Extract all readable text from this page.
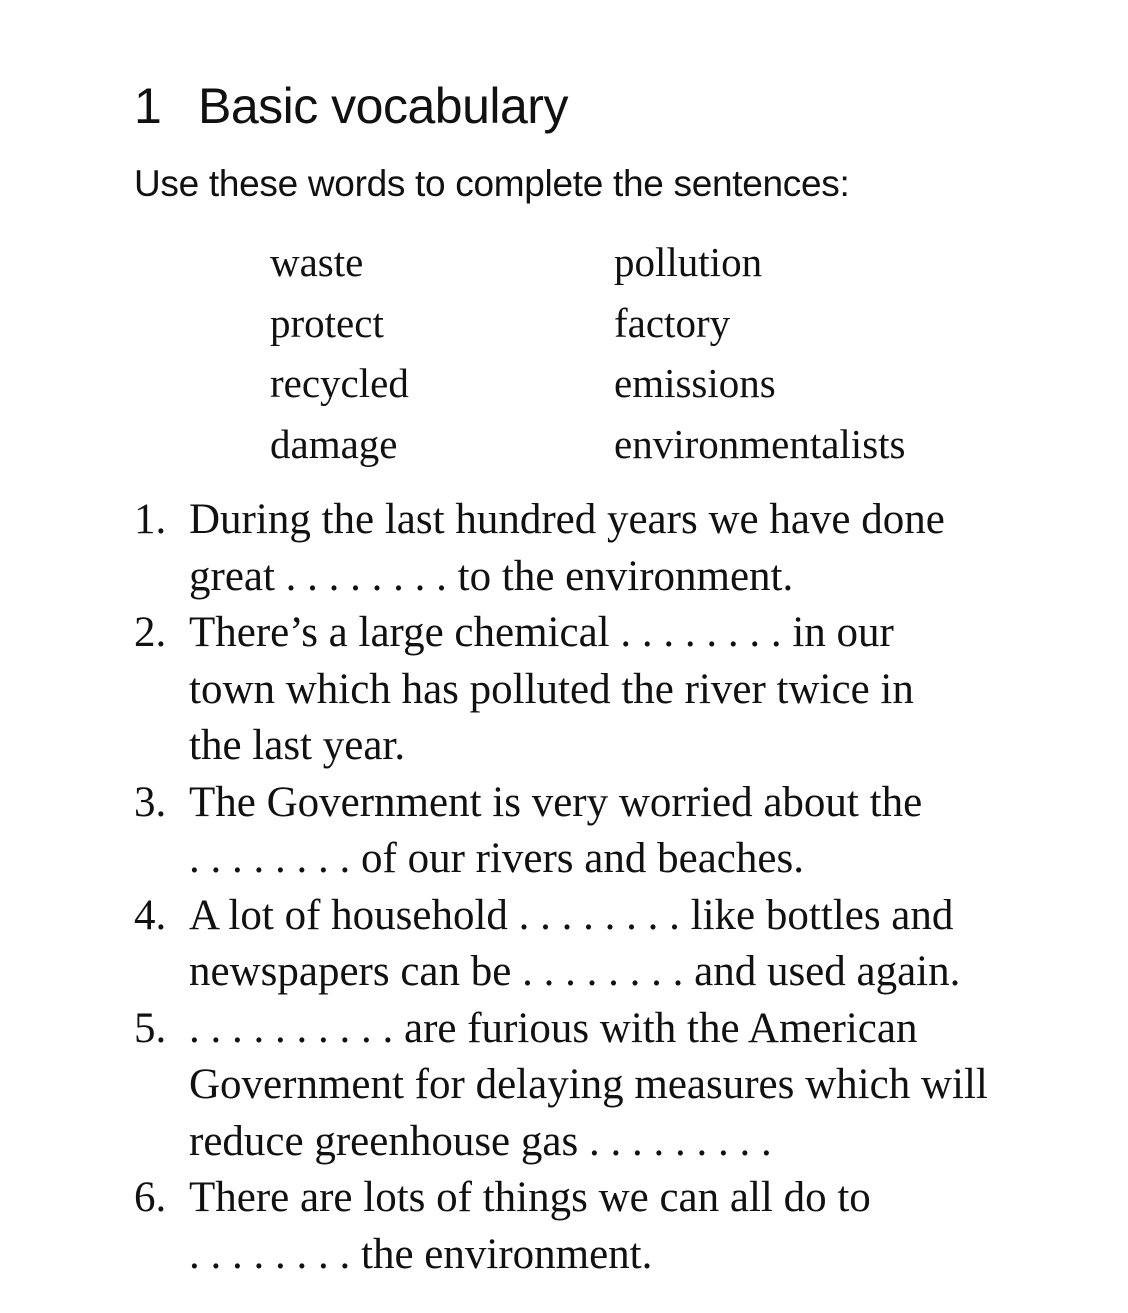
1 Basic vocabulary

Use these words to complete the sentences:

waste
protect
recycled
damage
pollution
factory
emissions
environmentalists
1. During the last hundred years we have done
great . . . . . . . . to the environment.
2. There’s a large chemical . . . . . . . . in our
town which has polluted the river twice in
the last year.
3. The Government is very worried about the
. . . . . . . . of our rivers and beaches.
4. A lot of household . . . . . . . . like bottles and
newspapers can be . . . . . . . . and used again.
5. . . . . . . . . . . are furious with the American
Government for delaying measures which will
reduce greenhouse gas . . . . . . . . .
6. There are lots of things we can all do to
. . . . . . . . the environment.
